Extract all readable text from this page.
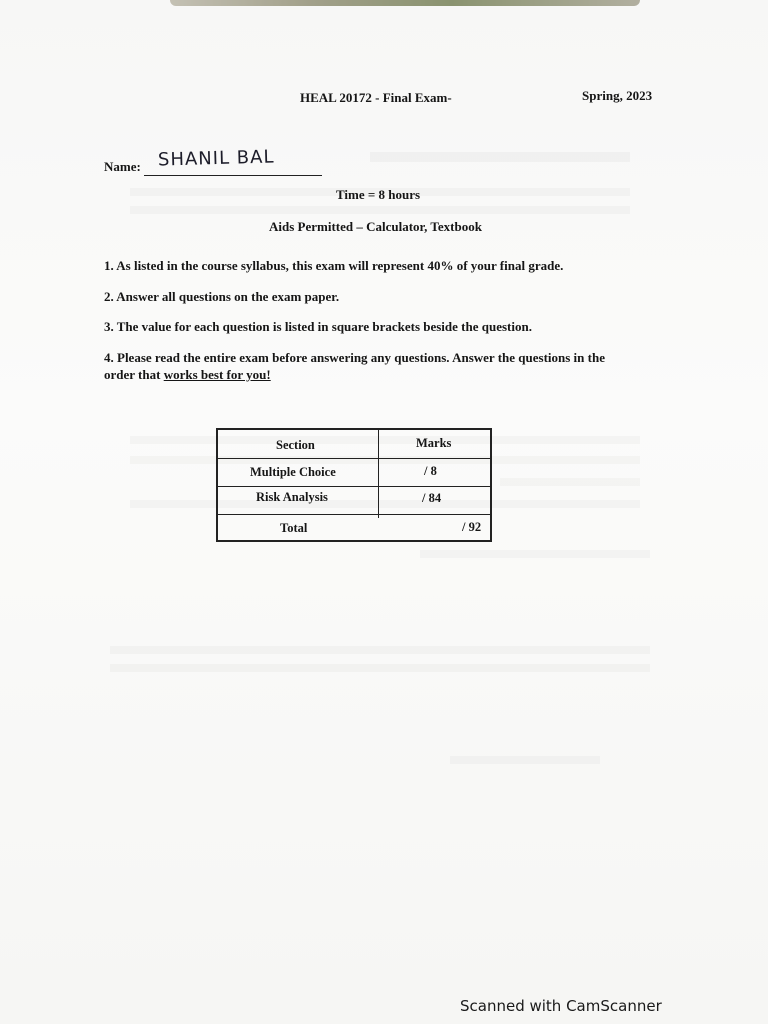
HEAL 20172 - Final Exam-	Spring, 2023
Name: SHANIL BAL
Time = 8 hours
Aids Permitted – Calculator, Textbook
1. As listed in the course syllabus, this exam will represent 40% of your final grade.
2. Answer all questions on the exam paper.
3. The value for each question is listed in square brackets beside the question.
4. Please read the entire exam before answering any questions. Answer the questions in the order that works best for you!
Section	Marks
Multiple Choice	/ 8
Risk Analysis	/ 84
Total	/ 92
Scanned with CamScanner
